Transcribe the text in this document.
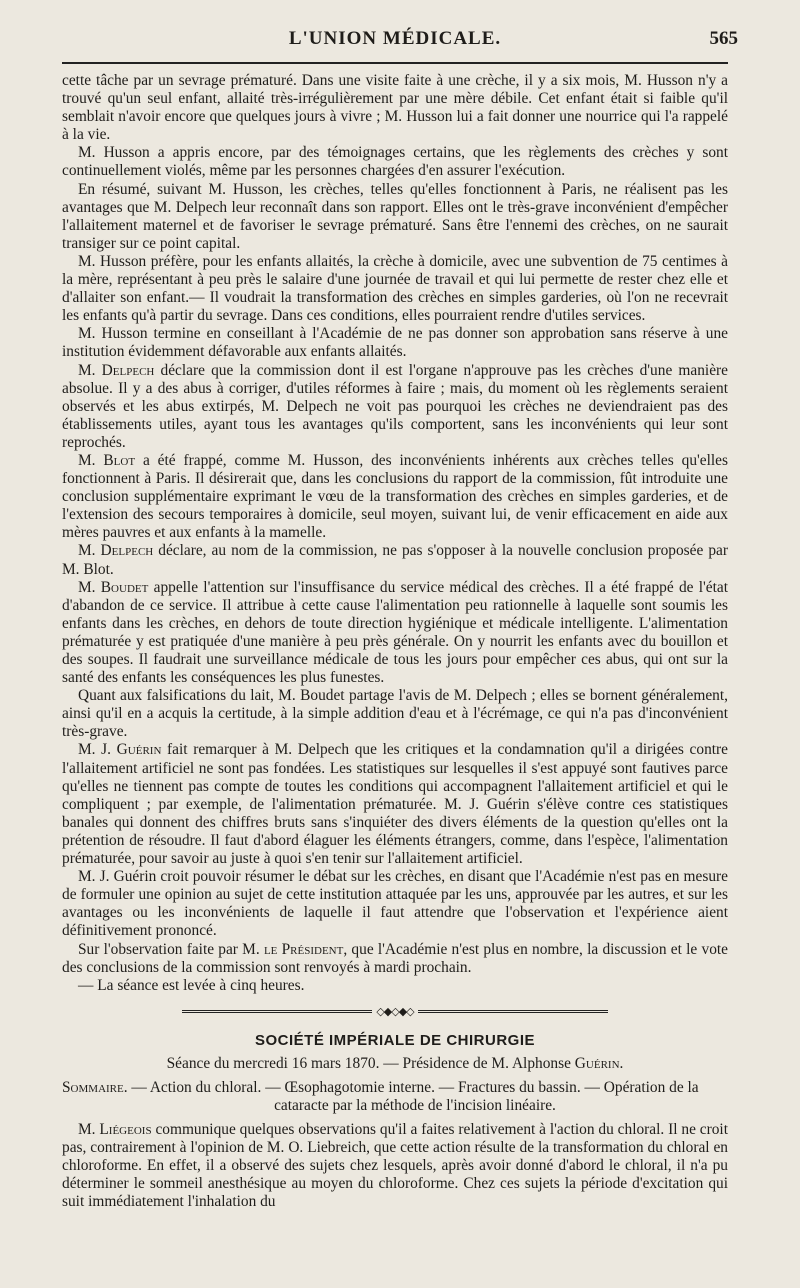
L'UNION MÉDICALE.	565

cette tâche par un sevrage prématuré. Dans une visite faite à une crèche, il y a six mois, M. Husson n'y a trouvé qu'un seul enfant, allaité très-irrégulièrement par une mère débile. Cet enfant était si faible qu'il semblait n'avoir encore que quelques jours à vivre ; M. Husson lui a fait donner une nourrice qui l'a rappelé à la vie.

M. Husson a appris encore, par des témoignages certains, que les règlements des crèches y sont continuellement violés, même par les personnes chargées d'en assurer l'exécution.

En résumé, suivant M. Husson, les crèches, telles qu'elles fonctionnent à Paris, ne réalisent pas les avantages que M. Delpech leur reconnaît dans son rapport. Elles ont le très-grave inconvénient d'empêcher l'allaitement maternel et de favoriser le sevrage prématuré. Sans être l'ennemi des crèches, on ne saurait transiger sur ce point capital.

M. Husson préfère, pour les enfants allaités, la crèche à domicile, avec une subvention de 75 centimes à la mère, représentant à peu près le salaire d'une journée de travail et qui lui permette de rester chez elle et d'allaiter son enfant.— Il voudrait la transformation des crèches en simples garderies, où l'on ne recevrait les enfants qu'à partir du sevrage. Dans ces conditions, elles pourraient rendre d'utiles services.

M. Husson termine en conseillant à l'Académie de ne pas donner son approbation sans réserve à une institution évidemment défavorable aux enfants allaités.

M. Delpech déclare que la commission dont il est l'organe n'approuve pas les crèches d'une manière absolue. Il y a des abus à corriger, d'utiles réformes à faire ; mais, du moment où les règlements seraient observés et les abus extirpés, M. Delpech ne voit pas pourquoi les crèches ne deviendraient pas des établissements utiles, ayant tous les avantages qu'ils comportent, sans les inconvénients qui leur sont reprochés.

M. Blot a été frappé, comme M. Husson, des inconvénients inhérents aux crèches telles qu'elles fonctionnent à Paris. Il désirerait que, dans les conclusions du rapport de la commission, fût introduite une conclusion supplémentaire exprimant le vœu de la transformation des crèches en simples garderies, et de l'extension des secours temporaires à domicile, seul moyen, suivant lui, de venir efficacement en aide aux mères pauvres et aux enfants à la mamelle.

M. Delpech déclare, au nom de la commission, ne pas s'opposer à la nouvelle conclusion proposée par M. Blot.

M. Boudet appelle l'attention sur l'insuffisance du service médical des crèches. Il a été frappé de l'état d'abandon de ce service. Il attribue à cette cause l'alimentation peu rationnelle à laquelle sont soumis les enfants dans les crèches, en dehors de toute direction hygiénique et médicale intelligente. L'alimentation prématurée y est pratiquée d'une manière à peu près générale. On y nourrit les enfants avec du bouillon et des soupes. Il faudrait une surveillance médicale de tous les jours pour empêcher ces abus, qui ont sur la santé des enfants les conséquences les plus funestes.

Quant aux falsifications du lait, M. Boudet partage l'avis de M. Delpech ; elles se bornent généralement, ainsi qu'il en a acquis la certitude, à la simple addition d'eau et à l'écrémage, ce qui n'a pas d'inconvénient très-grave.

M. J. Guérin fait remarquer à M. Delpech que les critiques et la condamnation qu'il a dirigées contre l'allaitement artificiel ne sont pas fondées. Les statistiques sur lesquelles il s'est appuyé sont fautives parce qu'elles ne tiennent pas compte de toutes les conditions qui accompagnent l'allaitement artificiel et qui le compliquent ; par exemple, de l'alimentation prématurée. M. J. Guérin s'élève contre ces statistiques banales qui donnent des chiffres bruts sans s'inquiéter des divers éléments de la question qu'elles ont la prétention de résoudre. Il faut d'abord élaguer les éléments étrangers, comme, dans l'espèce, l'alimentation prématurée, pour savoir au juste à quoi s'en tenir sur l'allaitement artificiel.

M. J. Guérin croit pouvoir résumer le débat sur les crèches, en disant que l'Académie n'est pas en mesure de formuler une opinion au sujet de cette institution attaquée par les uns, approuvée par les autres, et sur les avantages ou les inconvénients de laquelle il faut attendre que l'observation et l'expérience aient définitivement prononcé.

Sur l'observation faite par M. le Président, que l'Académie n'est plus en nombre, la discussion et le vote des conclusions de la commission sont renvoyés à mardi prochain.

— La séance est levée à cinq heures.

◇◆◇◆◇
SOCIÉTÉ IMPÉRIALE DE CHIRURGIE
Séance du mercredi 16 mars 1870. — Présidence de M. Alphonse Guérin.

Sommaire. — Action du chloral. — Œsophagotomie interne. — Fractures du bassin. — Opération de la

cataracte par la méthode de l'incision linéaire.

M. Liégeois communique quelques observations qu'il a faites relativement à l'action du chloral. Il ne croit pas, contrairement à l'opinion de M. O. Liebreich, que cette action résulte de la transformation du chloral en chloroforme. En effet, il a observé des sujets chez lesquels, après avoir donné d'abord le chloral, il n'a pu déterminer le sommeil anesthésique au moyen du chloroforme. Chez ces sujets la période d'excitation qui suit immédiatement l'inhalation du
